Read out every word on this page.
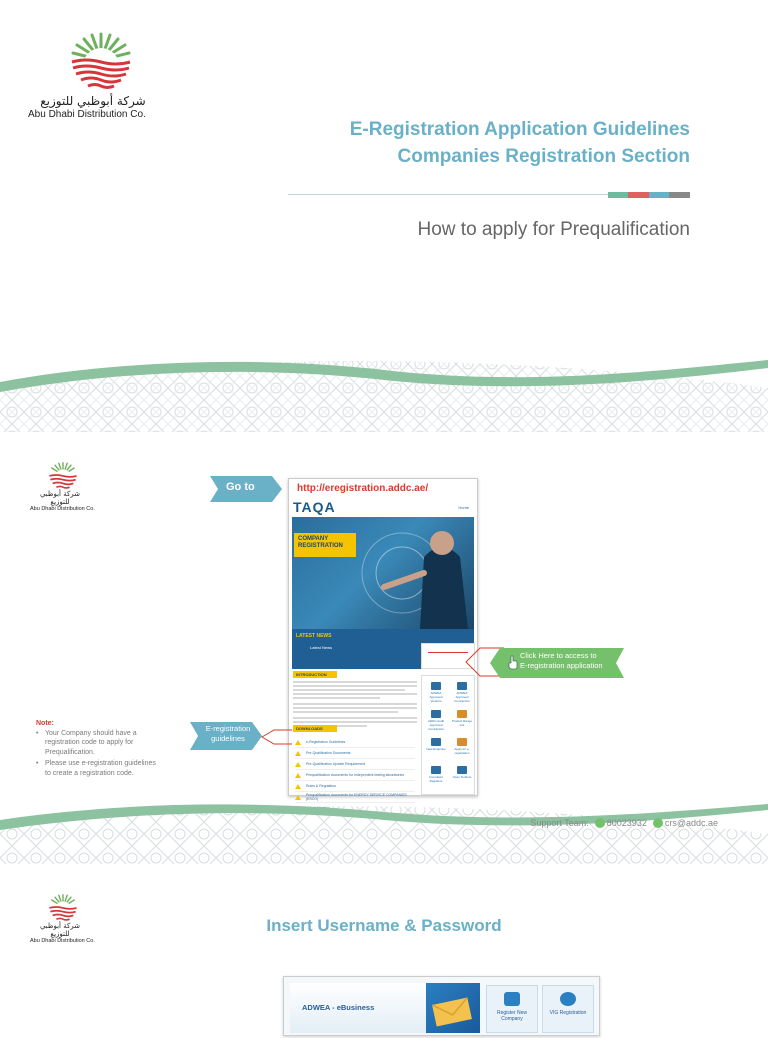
شركة أبوظبي للتوزيع
Abu Dhabi Distribution Co.
E-Registration Application Guidelines
Companies Registration Section
How to apply for Prequalification
شركة أبوظبي للتوزيع
Abu Dhabi Distribution Co.
Go to	http://eregistration.addc.ae/
TAQA	Home
COMPANY REGISTRATION
LATEST NEWS
Latest News
INTRODUCTION
DOWNLOADS
e-Registration Guidelines
Pre-Qualification Documents
Pre-Qualification Update Requirement
Prequalification documents for Independent testing laboratories
Rules & Regulation
Prequalification documents for ENERGY SERVICE COMPANIES (ESCO)
ADWEA Approved Vendors
ADWEA Approved Contractors
ADDC Audit Approved Contractors
Product Range List
New Enquiries	Apply for e-registration
Consultant Registers
Open Tenders
Click Here to access to
E-registration application
E-registration
guidelines
Note:
• Your Company should have a registration code to apply for Prequalification.
• Please use e-registration guidelines to create a registration code.
Support Team: 80023932 crs@addc.ae
شركة أبوظبي للتوزيع
Abu Dhabi Distribution Co.
Insert Username & Password
ADWEA - eBusiness
Register New Company
VIG Registration
